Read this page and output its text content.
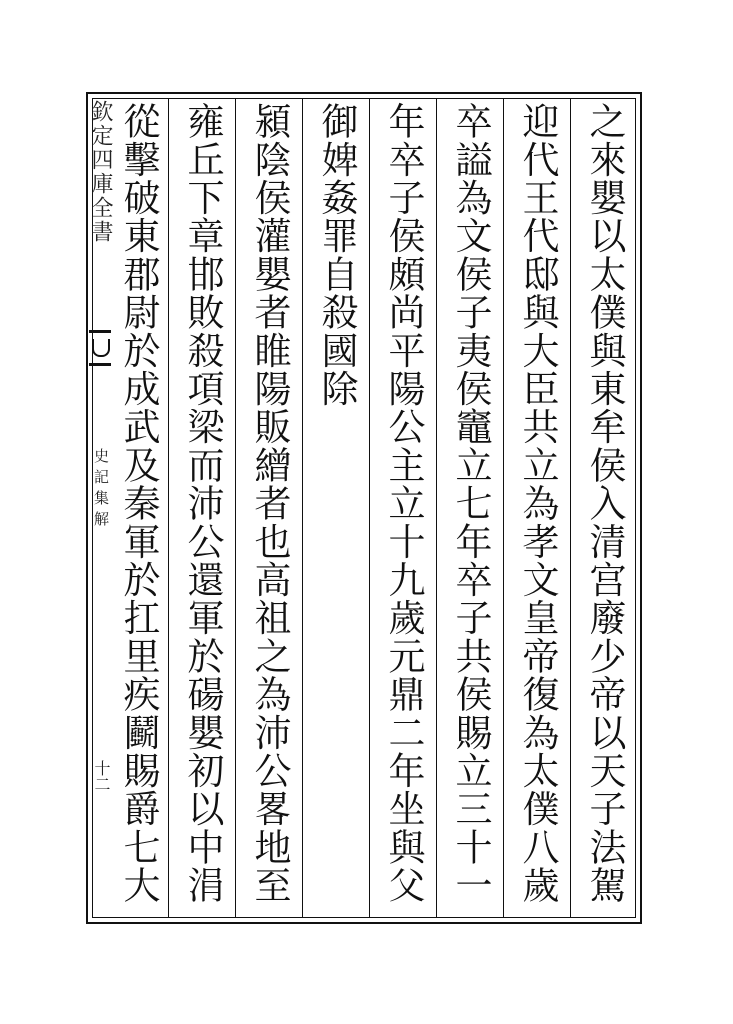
欽定四庫全書
史記集解
十二	之來嬰以太僕與東牟侯入清宫廢少帝以天子法駕
迎代王代邸與大臣共立為孝文皇帝復為太僕八歲
卒謚為文侯子夷侯竈立七年卒子共侯賜立三十一
年卒子侯頗尚平陽公主立十九歲元鼎二年坐與父
御婢姦罪自殺國除
潁陰侯灌嬰者睢陽販繒者也高祖之為沛公畧地至
雍丘下章邯敗殺項梁而沛公還軍於碭嬰初以中涓
從擊破東郡尉於成武及秦軍於扛里疾鬬賜爵七大
